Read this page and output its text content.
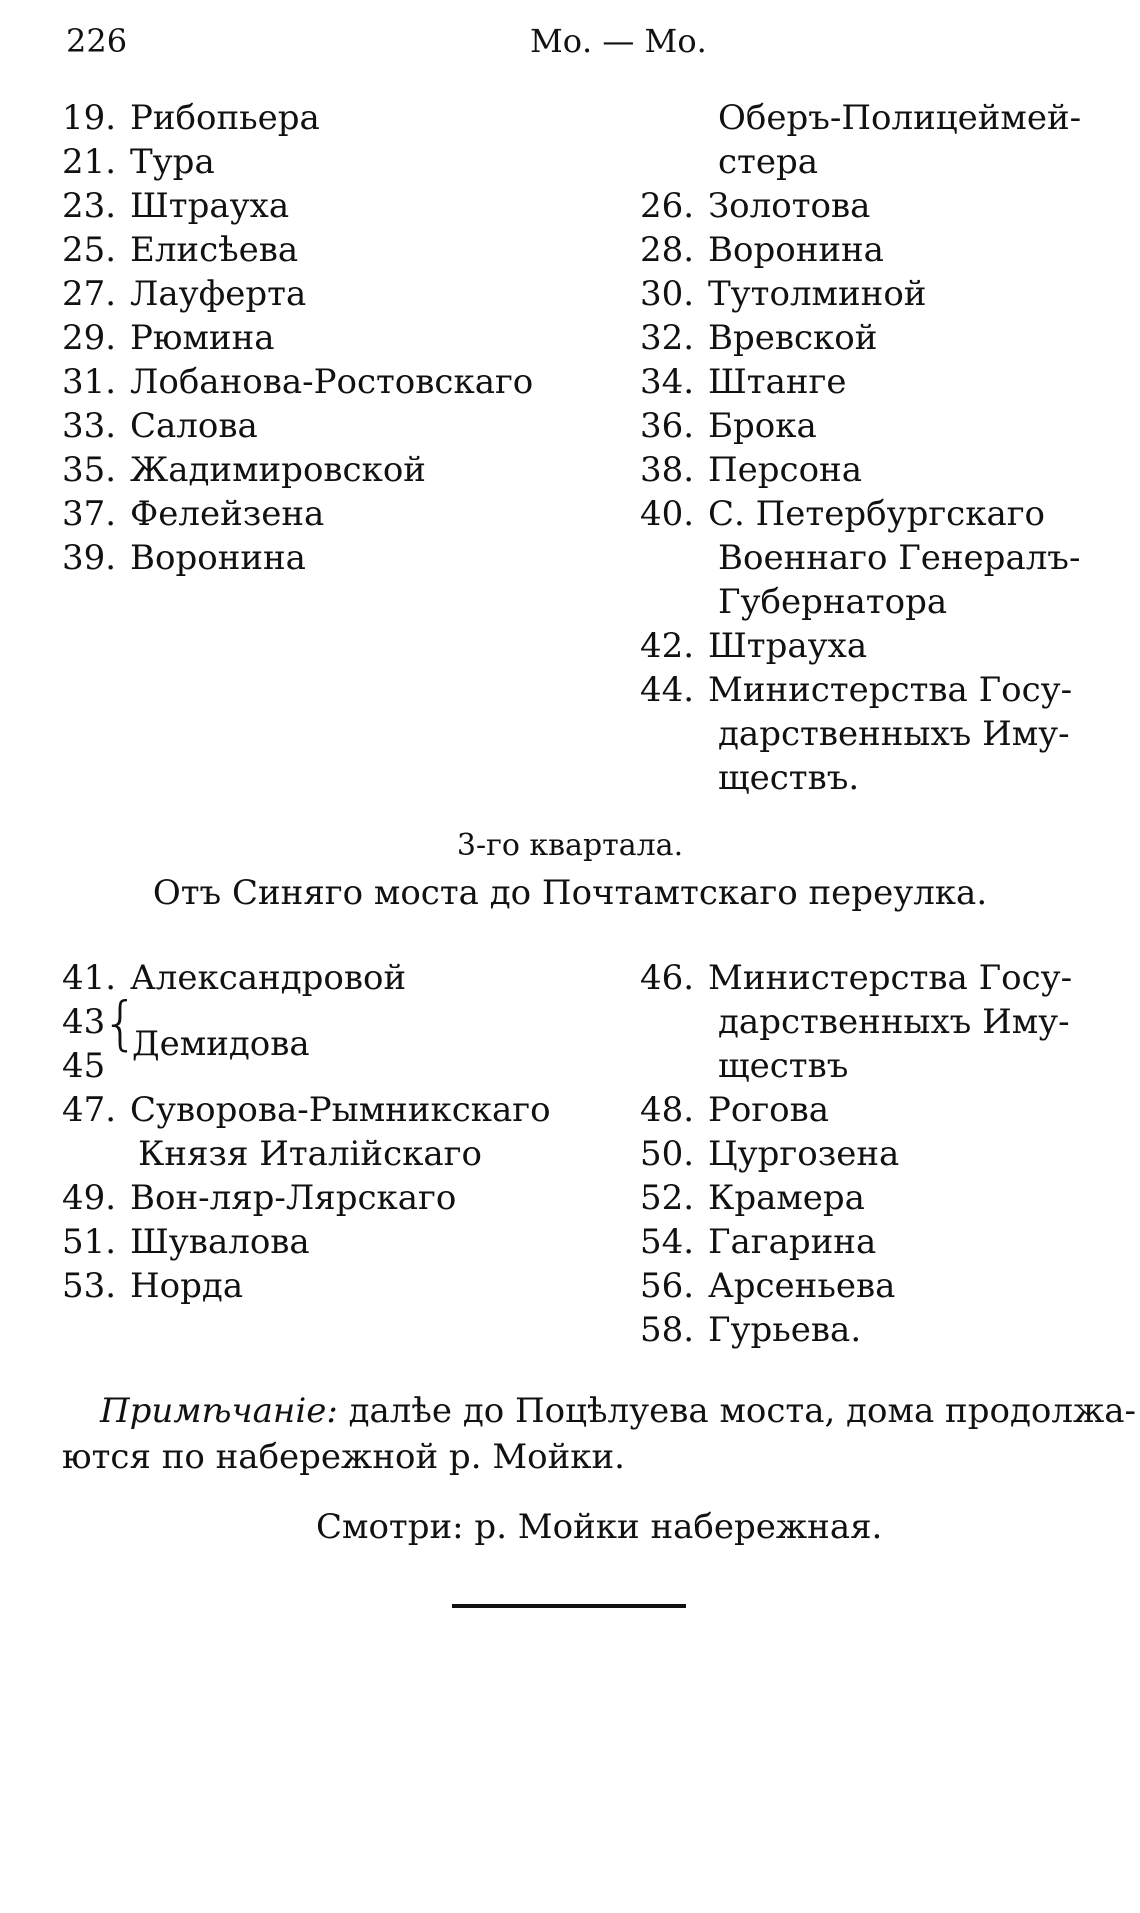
226	Мо. — Мо.
19. Рибопьера
21. Тура
23. Штрауха
25. Елисѣева
27. Лауферта
29. Рюмина
31. Лобанова-Ростовскаго
33. Салова
35. Жадимировской
37. Фелейзена
39. Воронина
Оберъ-Полицеймей-
стера
26. Золотова
28. Воронина
30. Тутолминой
32. Вревской
34. Штанге
36. Брока
38. Персона
40. С. Петербургскаго
Военнаго Генералъ-
Губернатора
42. Штрауха
44. Министерства Госу-
дарственныхъ Иму-
ществъ.
3-го квартала.
Отъ Синяго моста до Почтамтскаго переулка.
41. Александровой
43
45
{
Демидова
47. Суворова-Рымникскаго
Князя Италійскаго
49. Вон-ляр-Лярскаго
51. Шувалова
53. Норда
46. Министерства Госу-
дарственныхъ Иму-
ществъ
48. Рогова
50. Цургозена
52. Крамера
54. Гагарина
56. Арсеньева
58. Гурьева.
Примѣчаніе: далѣе до Поцѣлуева моста, дома продолжа-
ются по набережной р. Мойки.
Смотри: р. Мойки набережная.
